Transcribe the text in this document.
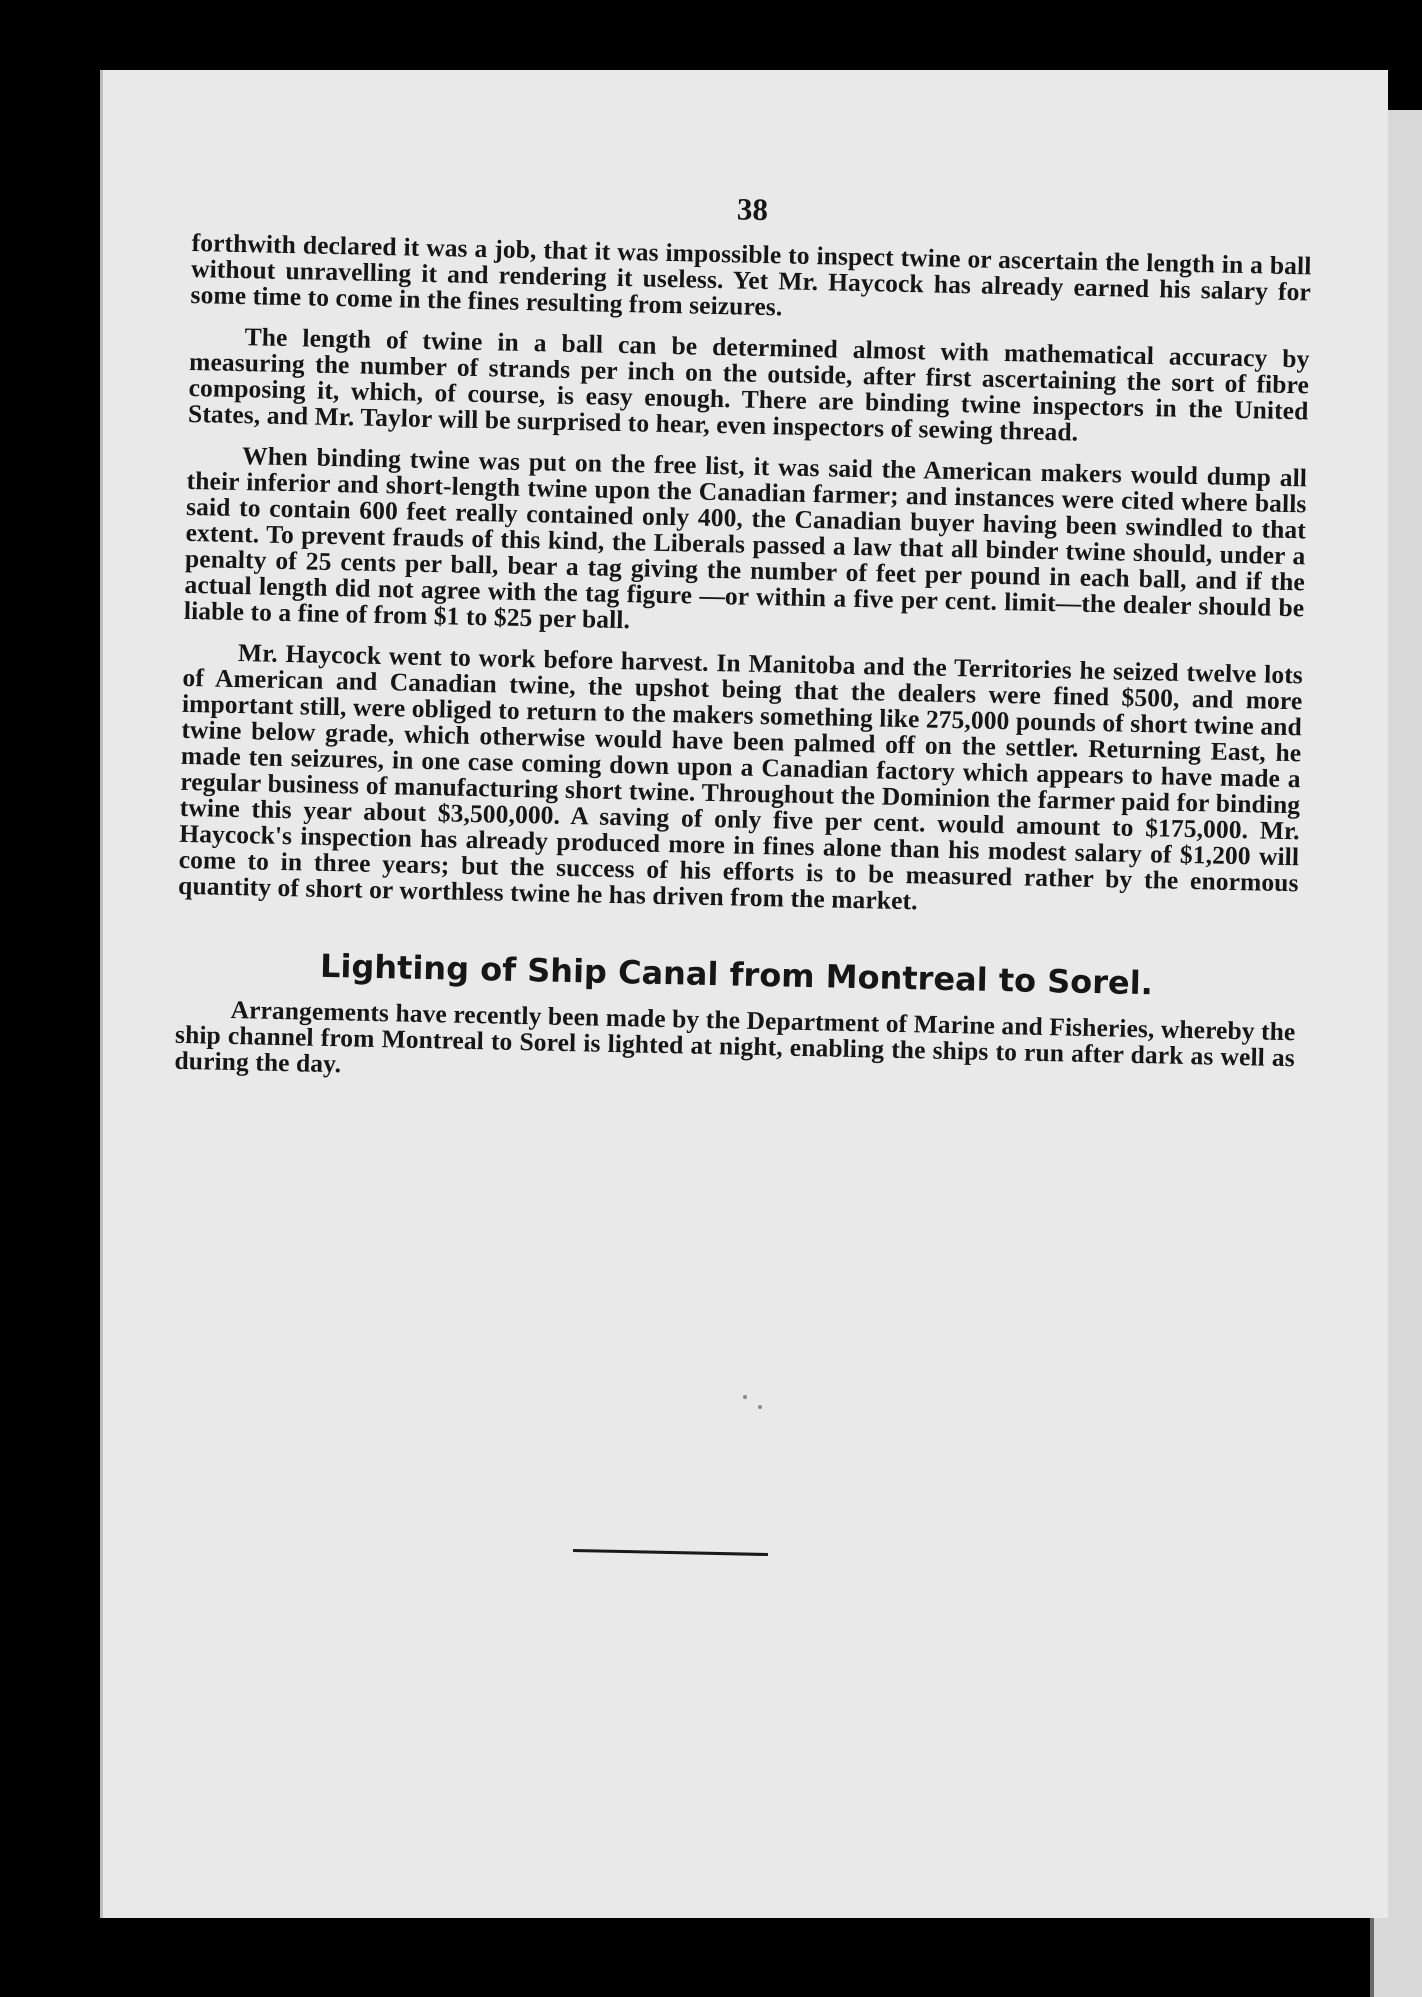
38

forthwith declared it was a job, that it was impossible to inspect twine or ascertain the length in a ball without unravelling it and rendering it useless. Yet Mr. Haycock has already earned his salary for some time to come in the fines resulting from seizures.

The length of twine in a ball can be determined almost with mathematical accuracy by measuring the number of strands per inch on the outside, after first ascertaining the sort of fibre composing it, which, of course, is easy enough. There are binding twine inspectors in the United States, and Mr. Taylor will be surprised to hear, even inspectors of sewing thread.

When binding twine was put on the free list, it was said the American makers would dump all their inferior and short-length twine upon the Canadian farmer; and instances were cited where balls said to contain 600 feet really contained only 400, the Canadian buyer having been swindled to that extent. To prevent frauds of this kind, the Liberals passed a law that all binder twine should, under a penalty of 25 cents per ball, bear a tag giving the number of feet per pound in each ball, and if the actual length did not agree with the tag figure —or within a five per cent. limit—the dealer should be liable to a fine of from $1 to $25 per ball.

Mr. Haycock went to work before harvest. In Manitoba and the Territories he seized twelve lots of American and Canadian twine, the upshot being that the dealers were fined $500, and more important still, were obliged to return to the makers something like 275,000 pounds of short twine and twine below grade, which otherwise would have been palmed off on the settler. Returning East, he made ten seizures, in one case coming down upon a Canadian factory which appears to have made a regular business of manufacturing short twine. Throughout the Dominion the farmer paid for binding twine this year about $3,500,000. A saving of only five per cent. would amount to $175,000. Mr. Haycock's inspection has already produced more in fines alone than his modest salary of $1,200 will come to in three years; but the success of his efforts is to be measured rather by the enormous quantity of short or worthless twine he has driven from the market.

Lighting of Ship Canal from Montreal to Sorel.

Arrangements have recently been made by the Department of Marine and Fisheries, whereby the ship channel from Montreal to Sorel is lighted at night, enabling the ships to run after dark as well as during the day.
